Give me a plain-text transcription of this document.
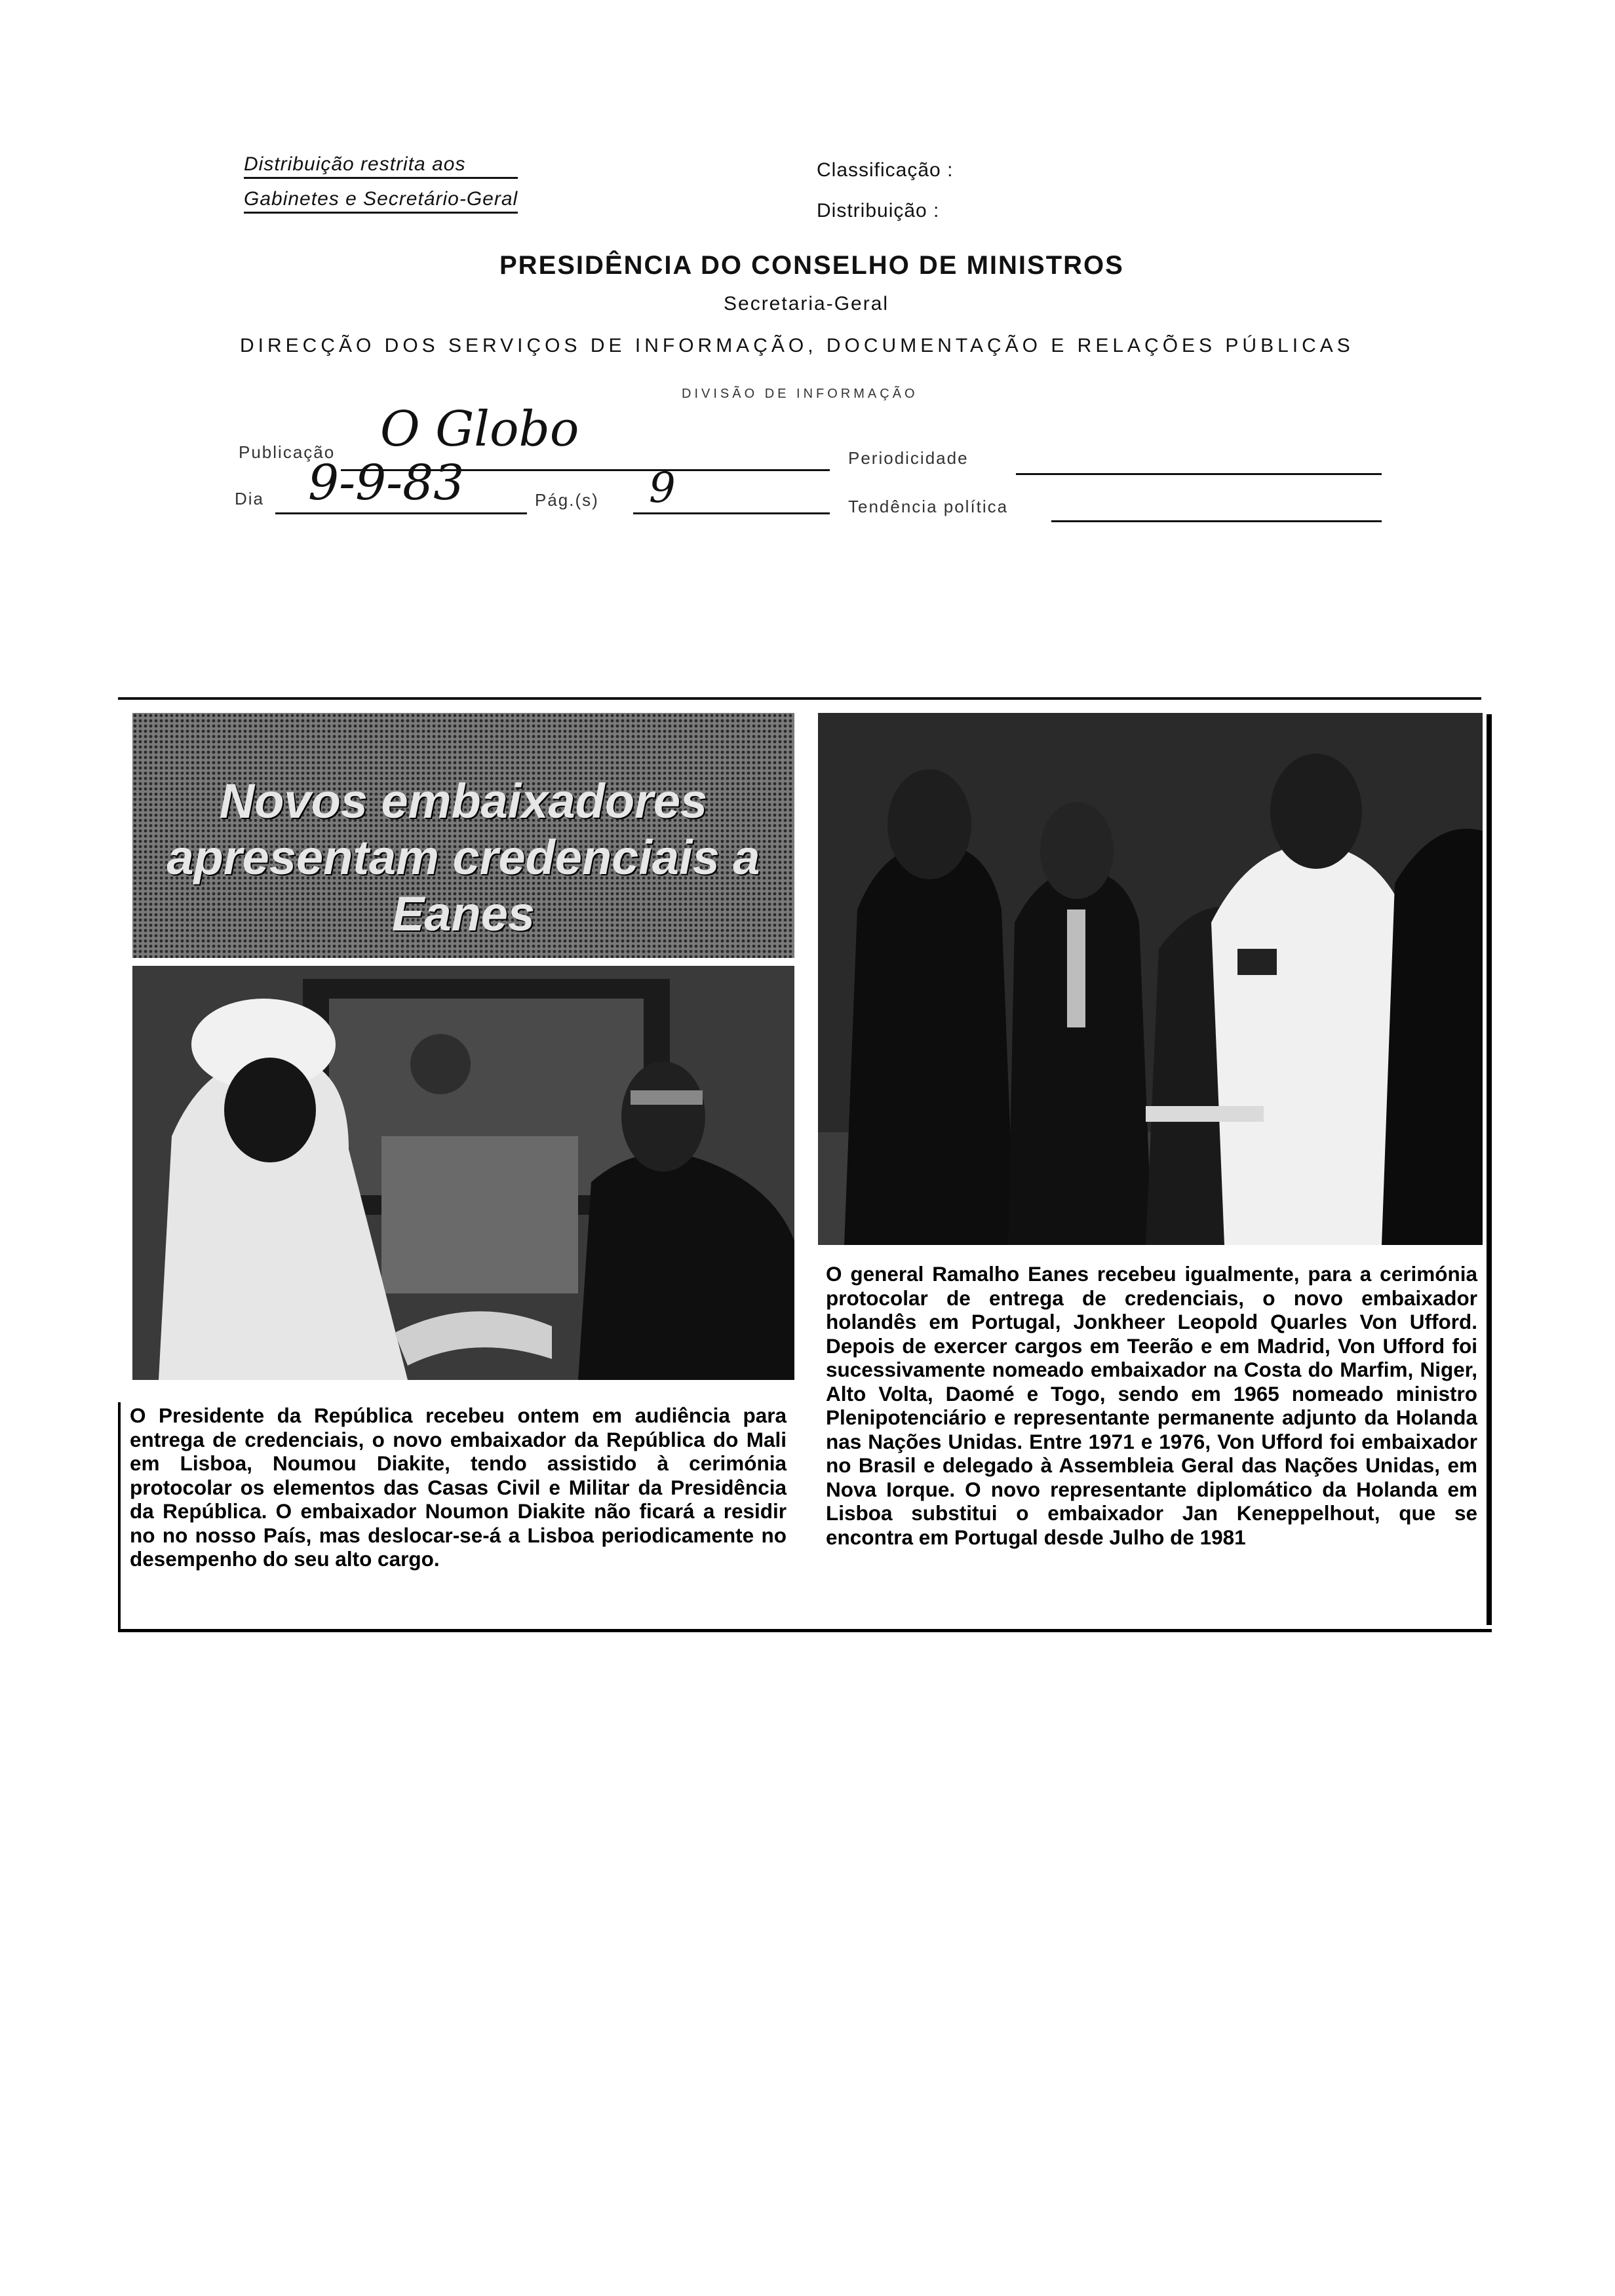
Distribuição restrita aos
Gabinetes e Secretário-Geral
Classificação :
Distribuição :
PRESIDÊNCIA DO CONSELHO DE MINISTROS
Secretaria-Geral
DIRECÇÃO DOS SERVIÇOS DE INFORMAÇÃO, DOCUMENTAÇÃO E RELAÇÕES PÚBLICAS
DIVISÃO DE INFORMAÇÃO
Publicação O Globo
Periodicidade
Dia 9-9-83	Pág.(s) 9	Tendência política
Novos embaixadores apresentam credenciais a Eanes
O Presidente da República recebeu ontem em audiência para entrega de credenciais, o novo embaixador da República do Mali em Lisboa, Noumou Diakite, tendo assistido à cerimónia protocolar os elementos das Casas Civil e Militar da Presidência da República. O embaixador Noumon Diakite não ficará a residir no no nosso País, mas deslocar-se-á a Lisboa periodicamente no desempenho do seu alto cargo.
O general Ramalho Eanes recebeu igualmente, para a cerimónia protocolar de entrega de credenciais, o novo embaixador holandês em Portugal, Jonkheer Leopold Quarles Von Ufford. Depois de exercer cargos em Teerão e em Madrid, Von Ufford foi sucessivamente nomeado embaixador na Costa do Marfim, Niger, Alto Volta, Daomé e Togo, sendo em 1965 nomeado ministro Plenipotenciário e representante permanente adjunto da Holanda nas Nações Unidas. Entre 1971 e 1976, Von Ufford foi embaixador no Brasil e delegado à Assembleia Geral das Nações Unidas, em Nova Iorque. O novo representante diplomático da Holanda em Lisboa substitui o embaixador Jan Keneppelhout, que se encontra em Portugal desde Julho de 1981
